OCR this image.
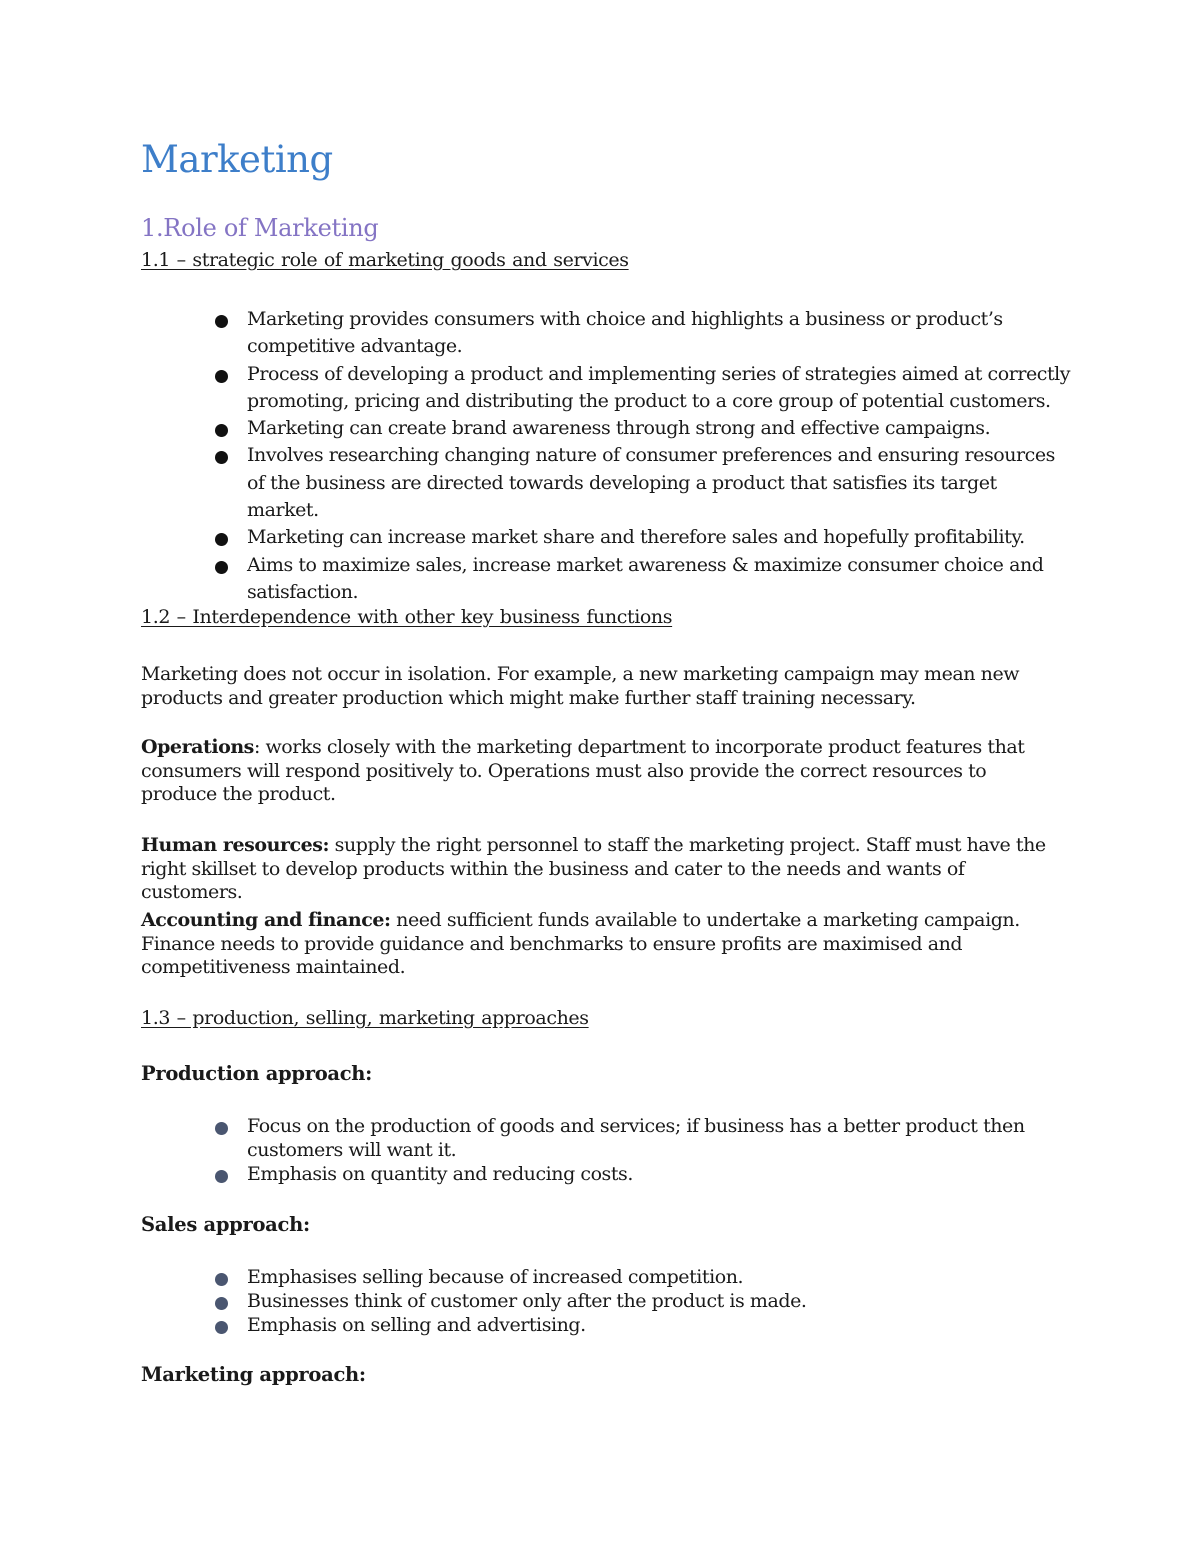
Marketing
1.Role of Marketing
1.1 – strategic role of marketing goods and services
Marketing provides consumers with choice and highlights a business or product’s competitive advantage.
Process of developing a product and implementing series of strategies aimed at correctly promoting, pricing and distributing the product to a core group of potential customers.
Marketing can create brand awareness through strong and effective campaigns.
Involves researching changing nature of consumer preferences and ensuring resources of the business are directed towards developing a product that satisfies its target market.
Marketing can increase market share and therefore sales and hopefully profitability.
Aims to maximize sales, increase market awareness & maximize consumer choice and satisfaction.
1.2 – Interdependence with other key business functions

Marketing does not occur in isolation. For example, a new marketing campaign may mean new products and greater production which might make further staff training necessary.

Operations: works closely with the marketing department to incorporate product features that consumers will respond positively to. Operations must also provide the correct resources to produce the product.

Human resources: supply the right personnel to staff the marketing project. Staff must have the right skillset to develop products within the business and cater to the needs and wants of customers.

Accounting and finance: need sufficient funds available to undertake a marketing campaign. Finance needs to provide guidance and benchmarks to ensure profits are maximised and competitiveness maintained.

1.3 – production, selling, marketing approaches
Production approach:
Focus on the production of goods and services; if business has a better product then customers will want it.
Emphasis on quantity and reducing costs.
Sales approach:
Emphasises selling because of increased competition.
Businesses think of customer only after the product is made.
Emphasis on selling and advertising.
Marketing approach:
